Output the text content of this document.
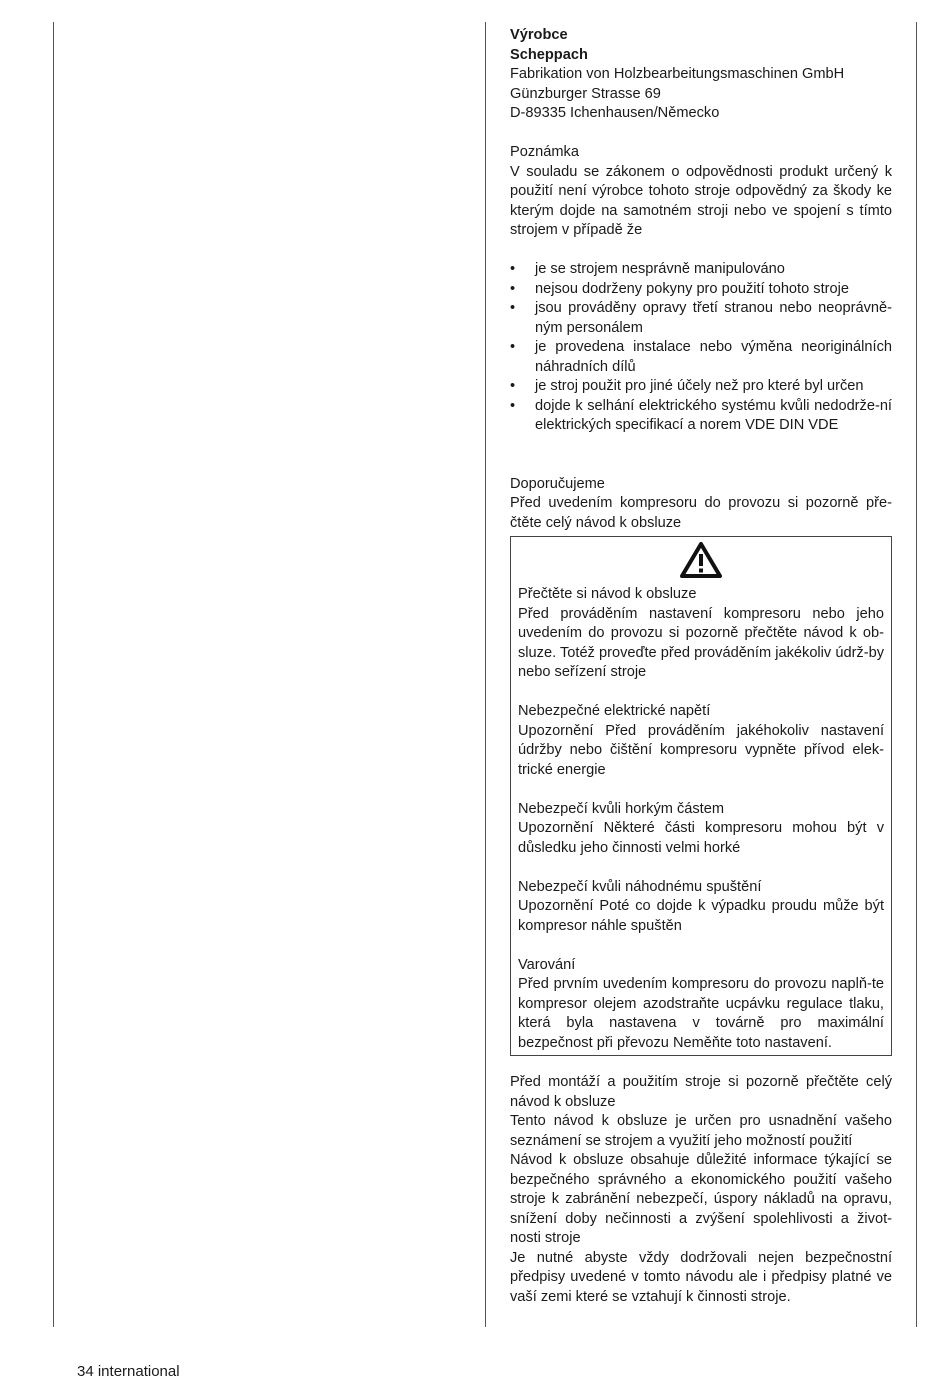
Výrobce

Scheppach

Fabrikation von Holzbearbeitungsmaschinen GmbH

Günzburger Strasse 69

D-89335 Ichenhausen/Německo

Poznámka

V souladu se zákonem o odpovědnosti produkt určený k použití není výrobce tohoto stroje odpovědný za škody ke kterým dojde na samotném stroji nebo ve spojení s tímto strojem v případě že

• je se strojem nesprávně manipulováno
• nejsou dodrženy pokyny pro použití tohoto stroje
• jsou prováděny opravy třetí stranou nebo neoprávně-ným personálem
• je provedena instalace nebo výměna neoriginálních náhradních dílů
• je stroj použit pro jiné účely než pro které byl určen
• dojde k selhání elektrického systému kvůli nedodrže-ní elektrických specifikací a norem VDE DIN VDE

Doporučujeme

Před uvedením kompresoru do provozu si pozorně pře-čtěte celý návod k obsluze

Přečtěte si návod k obsluze

Před prováděním nastavení kompresoru nebo jeho uvedením do provozu si pozorně přečtěte návod k ob-sluze. Totéž proveďte před prováděním jakékoliv údrž-by nebo seřízení stroje

Nebezpečné elektrické napětí

Upozornění Před prováděním jakéhokoliv nastavení údržby nebo čištění kompresoru vypněte přívod elek-trické energie

Nebezpečí kvůli horkým částem

Upozornění Některé části kompresoru mohou být v důsledku jeho činnosti velmi horké

Nebezpečí kvůli náhodnému spuštění

Upozornění Poté co dojde k výpadku proudu může být kompresor náhle spuštěn

Varování

Před prvním uvedením kompresoru do provozu naplň-te kompresor olejem azodstraňte ucpávku regulace tlaku, která byla nastavena v továrně pro maximální bezpečnost při převozu Neměňte toto nastavení.

Před montáží a použitím stroje si pozorně přečtěte celý návod k obsluze

Tento návod k obsluze je určen pro usnadnění vašeho seznámení se strojem a využití jeho možností použití

Návod k obsluze obsahuje důležité informace týkající se bezpečného správného a ekonomického použití vašeho stroje k zabránění nebezpečí, úspory nákladů na opravu, snížení doby nečinnosti a zvýšení spolehlivosti a život-nosti stroje

Je nutné abyste vždy dodržovali nejen bezpečnostní předpisy uvedené v tomto návodu ale i předpisy platné ve vaší zemi které se vztahují k činnosti stroje.

34 international
